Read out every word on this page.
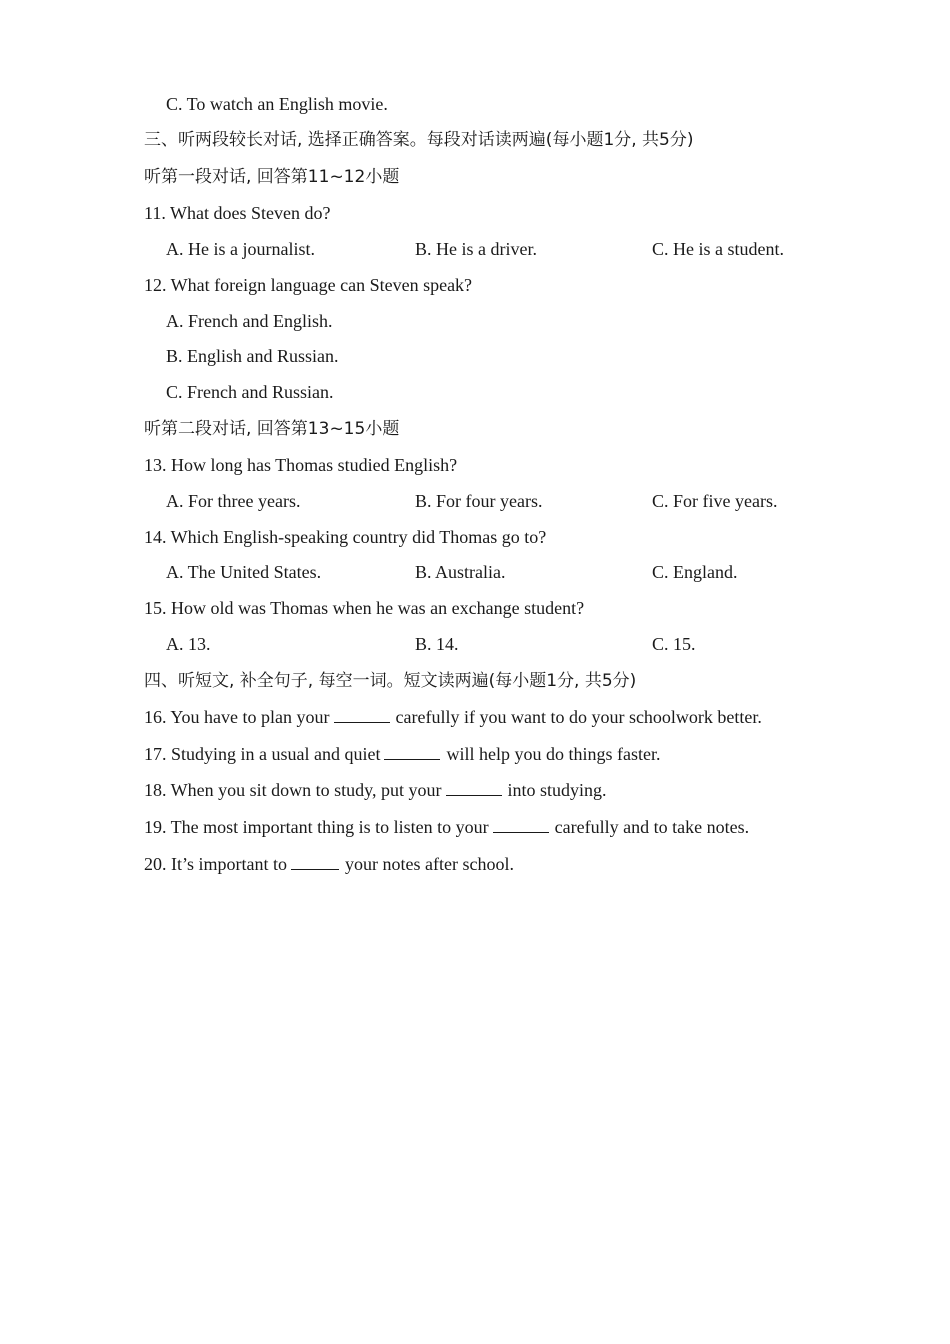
C. To watch an English movie.
三、听两段较长对话, 选择正确答案。每段对话读两遍(每小题1分, 共5分)
听第一段对话, 回答第11~12小题
11. What does Steven do?
A. He is a journalist.	B. He is a driver.	C. He is a student.
12. What foreign language can Steven speak?
A. French and English.
B. English and Russian.
C. French and Russian.
听第二段对话, 回答第13~15小题
13. How long has Thomas studied English?
A. For three years.	B. For four years.	C. For five years.
14. Which English-speaking country did Thomas go to?
A. The United States.	B. Australia.	C. England.
15. How old was Thomas when he was an exchange student?
A. 13.	B. 14.	C. 15.
四、听短文, 补全句子, 每空一词。短文读两遍(每小题1分, 共5分)
16. You have to plan your	carefully if you want to do your schoolwork better.
17. Studying in a usual and quiet	will help you do things faster.
18. When you sit down to study, put your	into studying.
19. The most important thing is to listen to your	carefully and to take notes.
20. It’s important to	your notes after school.
